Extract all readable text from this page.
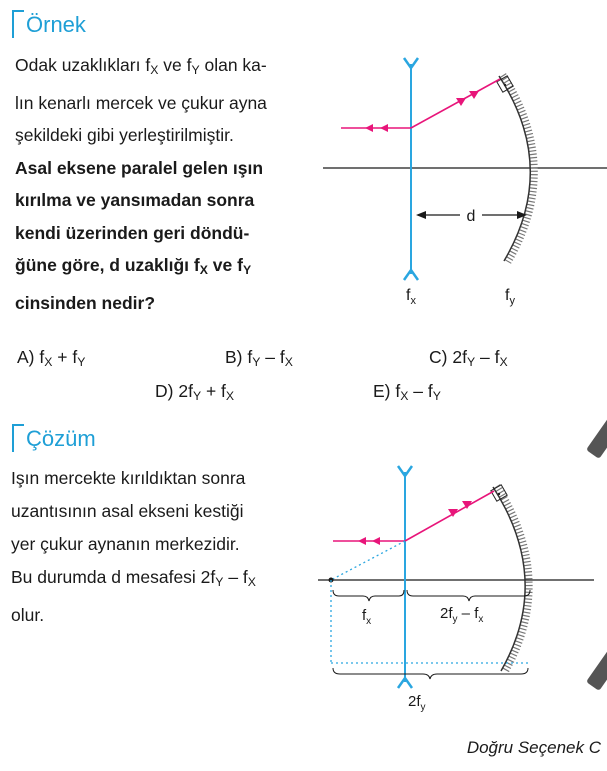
Örnek
Odak uzaklıkları $f_X$ ve $f_Y$ olan ka-
lın kenarlı mercek ve çukur ayna
şekildeki gibi yerleştirilmiştir.
Asal eksene paralel gelen ışın
kırılma ve yansımadan sonra
kendi üzerinden geri döndü-
ğüne göre, d uzaklığı $f_X$ ve $f_Y$
cinsinden nedir?
d
$f_x$	$f_y$
A) $f_X + f_Y$	B) $f_Y - f_X$	C) $2f_Y - f_X$
D) $2f_Y + f_X$	E) $f_X - f_Y$
Çözüm
Işın mercekte kırıldıktan sonra
uzantısının asal ekseni kestiği
yer çukur aynanın merkezidir.
Bu durumda d mesafesi $2f_Y - f_X$
olur.	$f_x$	$2f_y - f_x$
$2f_y$
Doğru Seçenek C
